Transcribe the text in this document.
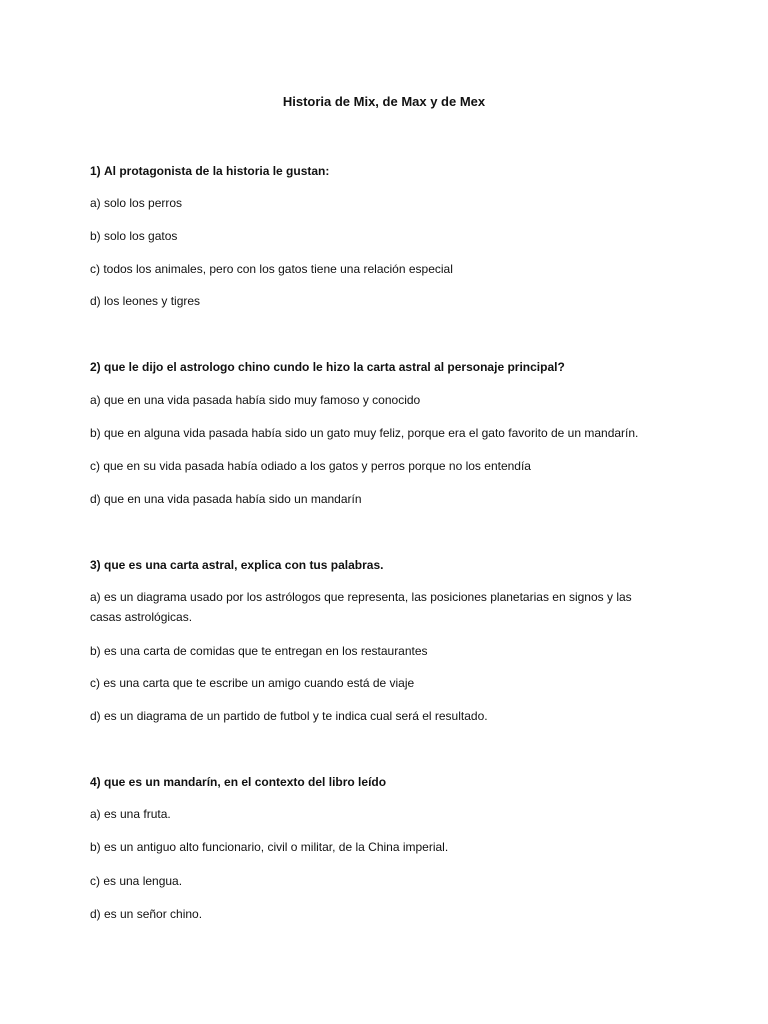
Historia de Mix, de Max y de Mex
1) Al protagonista de la historia le gustan:
a) solo los perros
b) solo los gatos
c) todos los animales, pero con los gatos tiene una relación especial
d) los leones y tigres
2) que le dijo el astrologo chino cundo le hizo la carta astral al personaje principal?
a) que en una vida pasada había sido muy famoso y conocido
b) que en alguna vida pasada había sido un gato muy feliz, porque era el gato favorito de un mandarín.
c) que en su vida pasada había odiado a los gatos y perros porque no los entendía
d) que en una vida pasada había sido un mandarín
3) que es una carta astral, explica con tus palabras.
a) es un diagrama usado por los astrólogos que representa, las posiciones planetarias en signos y las casas astrológicas.
b) es una carta de comidas que te entregan en los restaurantes
c) es una carta que te escribe un amigo cuando está de viaje
d) es un diagrama de un partido de futbol y te indica cual será el resultado.
4) que es un mandarín, en el contexto del libro leído
a) es una fruta.
b) es un antiguo alto funcionario, civil o militar, de la China imperial.
c) es una lengua.
d) es un señor chino.
